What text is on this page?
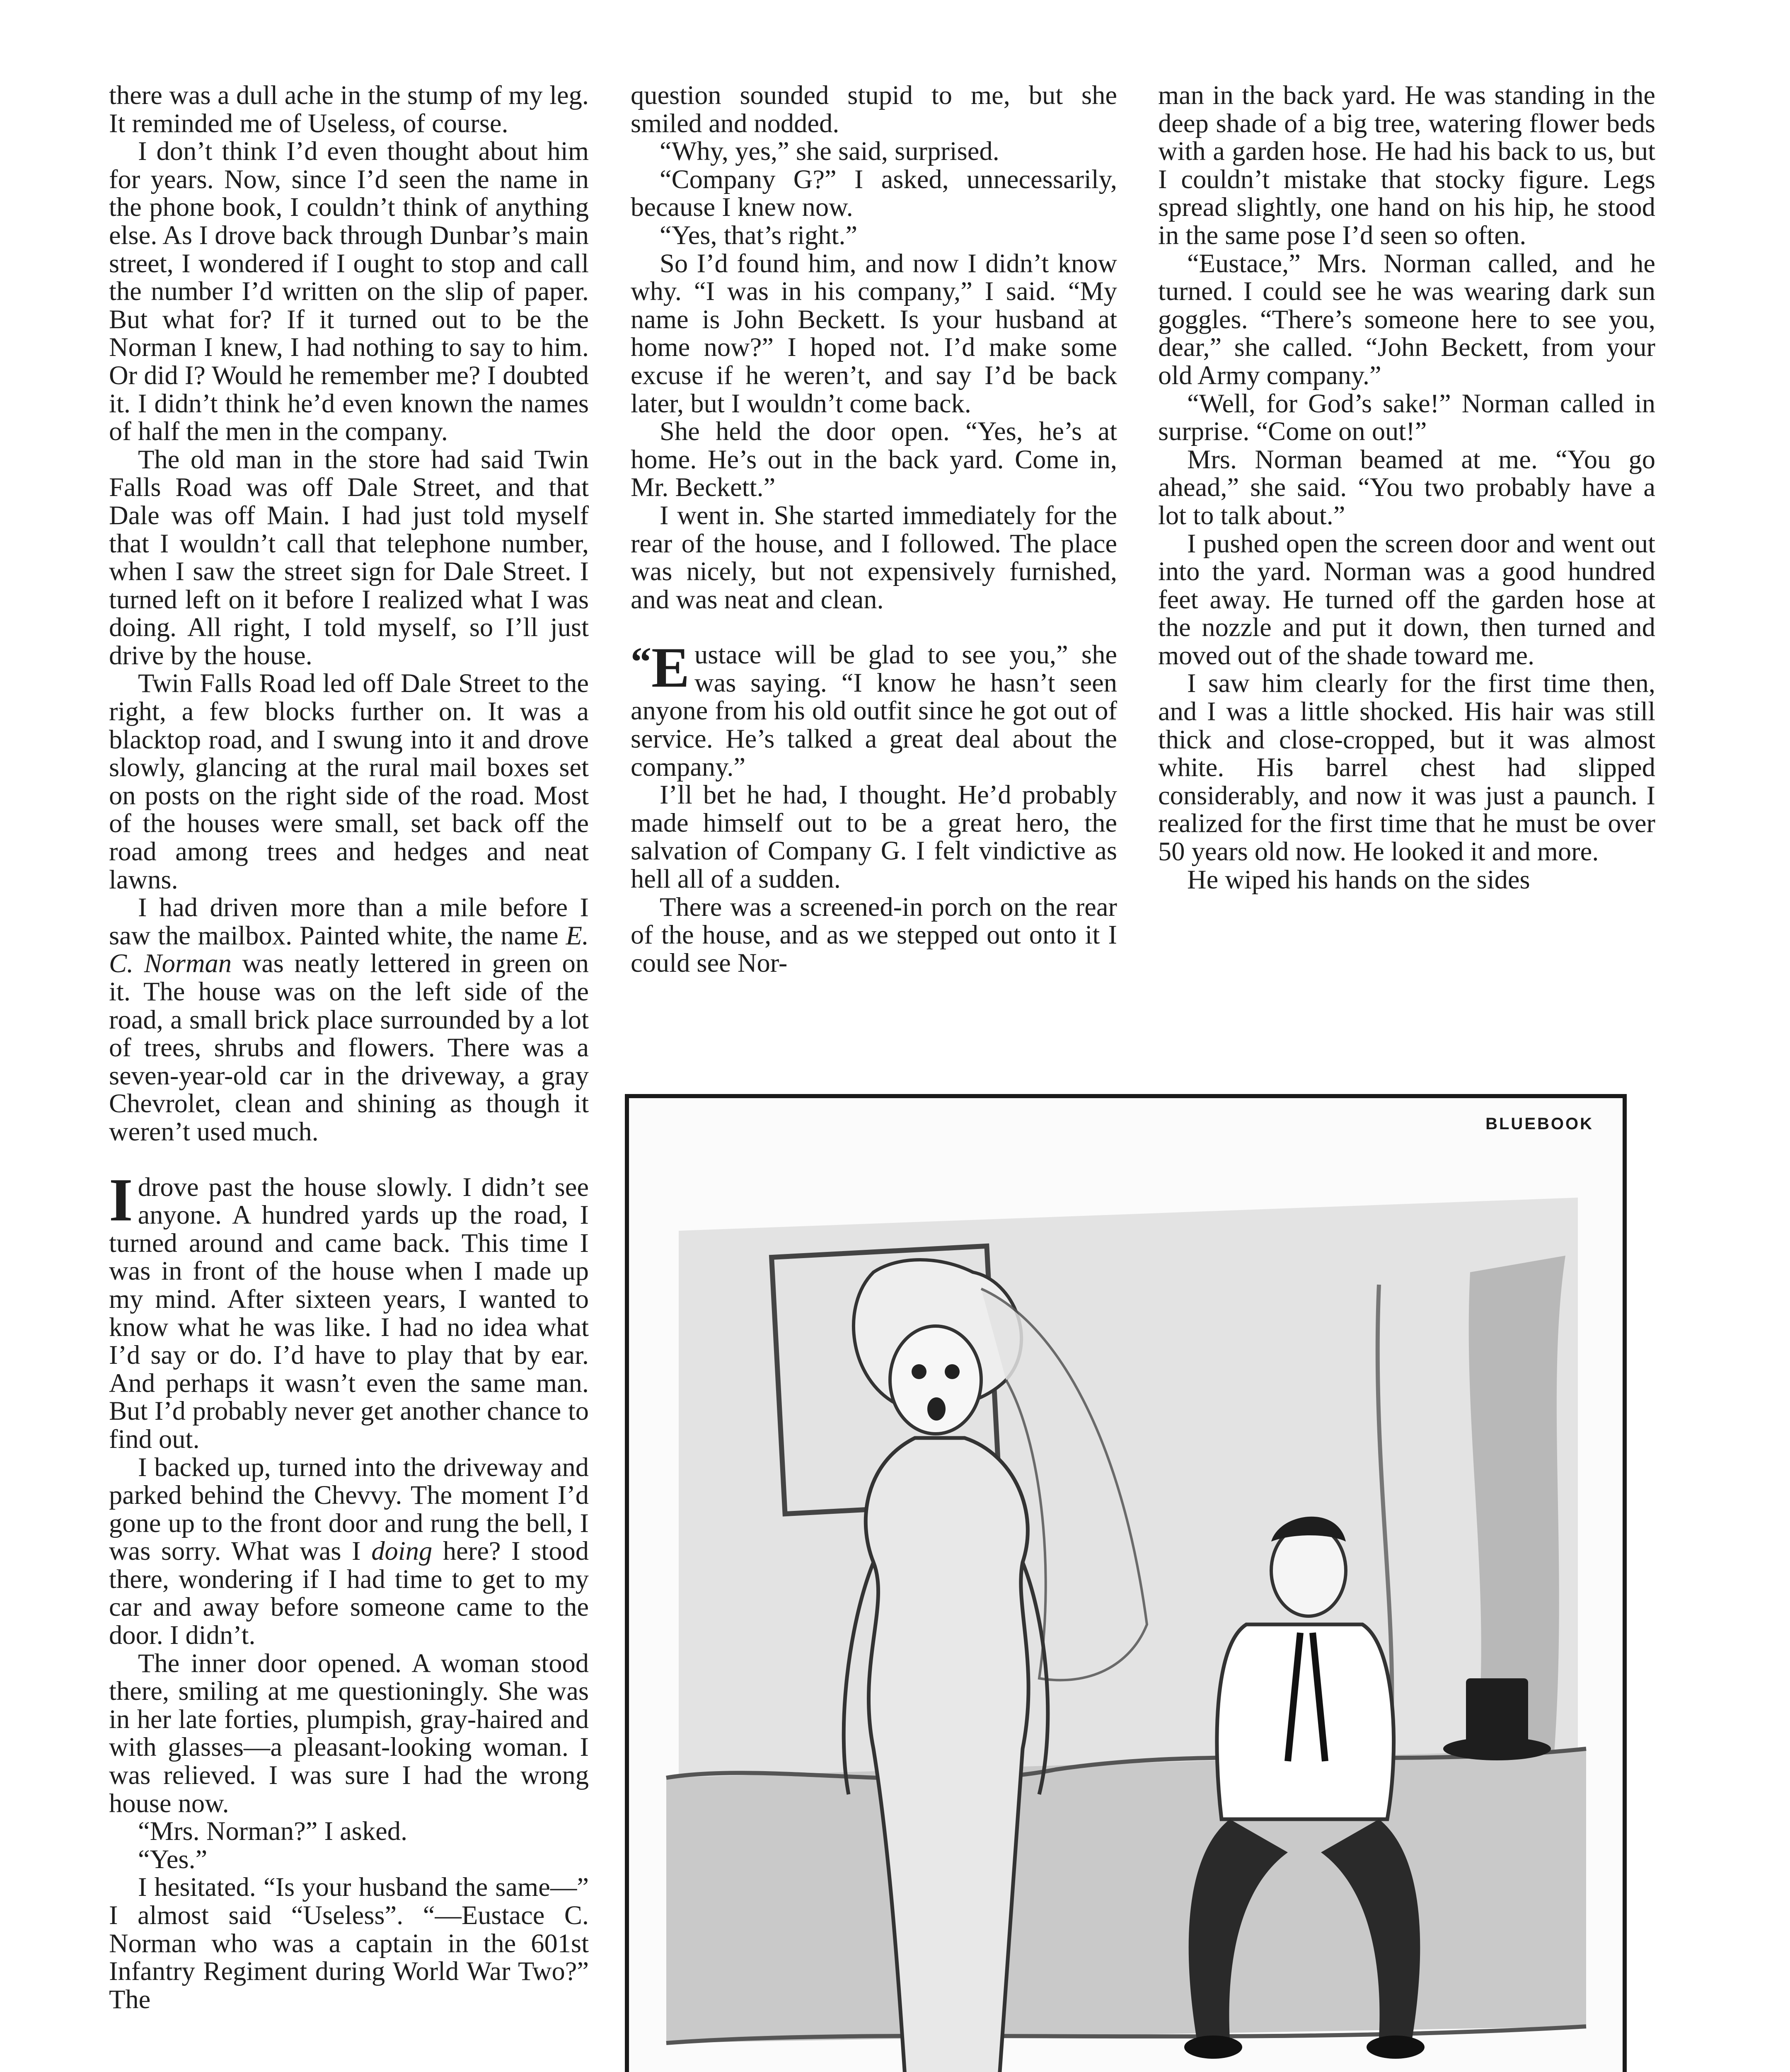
there was a dull ache in the stump of my leg. It reminded me of Useless, of course.

I don’t think I’d even thought about him for years. Now, since I’d seen the name in the phone book, I couldn’t think of anything else. As I drove back through Dunbar’s main street, I wondered if I ought to stop and call the number I’d written on the slip of paper. But what for? If it turned out to be the Norman I knew, I had nothing to say to him. Or did I? Would he remember me? I doubted it. I didn’t think he’d even known the names of half the men in the company.

The old man in the store had said Twin Falls Road was off Dale Street, and that Dale was off Main. I had just told myself that I wouldn’t call that telephone number, when I saw the street sign for Dale Street. I turned left on it before I realized what I was doing. All right, I told myself, so I’ll just drive by the house.

Twin Falls Road led off Dale Street to the right, a few blocks further on. It was a blacktop road, and I swung into it and drove slowly, glancing at the rural mail boxes set on posts on the right side of the road. Most of the houses were small, set back off the road among trees and hedges and neat lawns.

I had driven more than a mile before I saw the mailbox. Painted white, the name E. C. Norman was neatly lettered in green on it. The house was on the left side of the road, a small brick place surrounded by a lot of trees, shrubs and flowers. There was a seven-year-old car in the driveway, a gray Chevrolet, clean and shining as though it weren’t used much.

Idrove past the house slowly. I didn’t see anyone. A hundred yards up the road, I turned around and came back. This time I was in front of the house when I made up my mind. After sixteen years, I wanted to know what he was like. I had no idea what I’d say or do. I’d have to play that by ear. And perhaps it wasn’t even the same man. But I’d probably never get another chance to find out.

I backed up, turned into the driveway and parked behind the Chevvy. The moment I’d gone up to the front door and rung the bell, I was sorry. What was I doing here? I stood there, wondering if I had time to get to my car and away before someone came to the door. I didn’t.

The inner door opened. A woman stood there, smiling at me questioningly. She was in her late forties, plumpish, gray-haired and with glasses—a pleasant-looking woman. I was relieved. I was sure I had the wrong house now.

“Mrs. Norman?” I asked.

“Yes.”

I hesitated. “Is your husband the same—” I almost said “Useless”. “—Eustace C. Norman who was a captain in the 601st Infantry Regiment during World War Two?” The

question sounded stupid to me, but she smiled and nodded.

“Why, yes,” she said, surprised.

“Company G?” I asked, unnecessarily, because I knew now.

“Yes, that’s right.”

So I’d found him, and now I didn’t know why. “I was in his company,” I said. “My name is John Beckett. Is your husband at home now?” I hoped not. I’d make some excuse if he weren’t, and say I’d be back later, but I wouldn’t come back.

She held the door open. “Yes, he’s at home. He’s out in the back yard. Come in, Mr. Beckett.”

I went in. She started immediately for the rear of the house, and I followed. The place was nicely, but not expensively furnished, and was neat and clean.

“E ustace will be glad to see you,” she was saying. “I know he hasn’t seen anyone from his old outfit since he got out of service. He’s talked a great deal about the company.”

I’ll bet he had, I thought. He’d probably made himself out to be a great hero, the salvation of Company G. I felt vindictive as hell all of a sudden.

There was a screened-in porch on the rear of the house, and as we stepped out onto it I could see Nor-

man in the back yard. He was standing in the deep shade of a big tree, watering flower beds with a garden hose. He had his back to us, but I couldn’t mistake that stocky figure. Legs spread slightly, one hand on his hip, he stood in the same pose I’d seen so often.

“Eustace,” Mrs. Norman called, and he turned. I could see he was wearing dark sun goggles. “There’s someone here to see you, dear,” she called. “John Beckett, from your old Army company.”

“Well, for God’s sake!” Norman called in surprise. “Come on out!”

Mrs. Norman beamed at me. “You go ahead,” she said. “You two probably have a lot to talk about.”

I pushed open the screen door and went out into the yard. Norman was a good hundred feet away. He turned off the garden hose at the nozzle and put it down, then turned and moved out of the shade toward me.

I saw him clearly for the first time then, and I was a little shocked. His hair was still thick and close-cropped, but it was almost white. His barrel chest had slipped considerably, and now it was just a paunch. I realized for the first time that he must be over 50 years old now. He looked it and more.

He wiped his hands on the sides

BLUEBOOK
